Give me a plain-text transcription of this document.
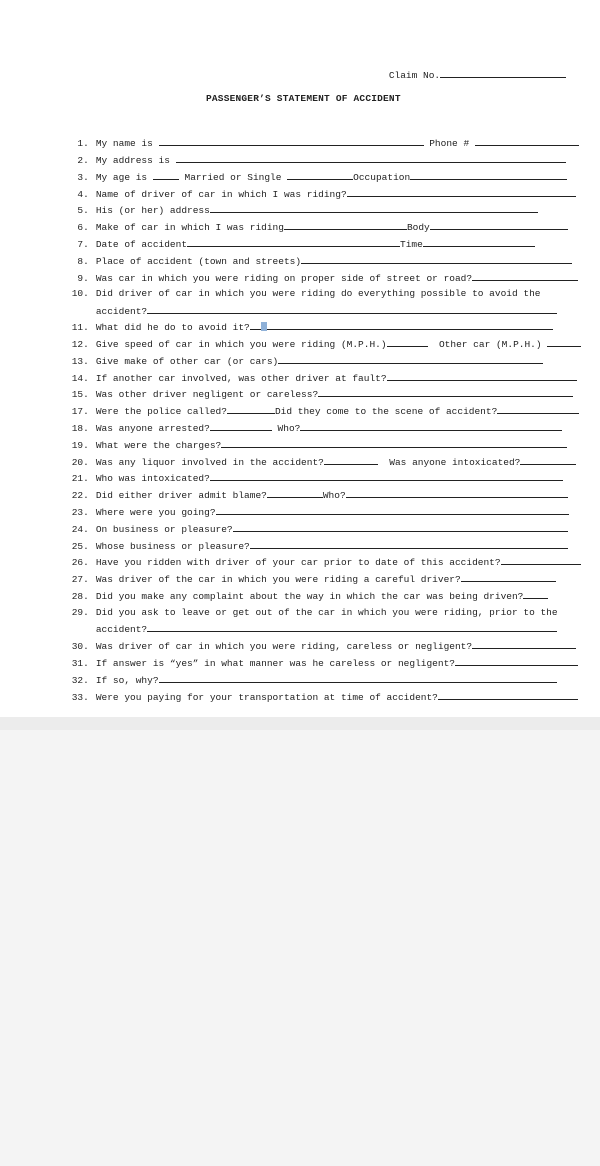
Claim No.

PASSENGER’S STATEMENT OF ACCIDENT

1. My name is	Phone #

2. My address is

3. My age is	Married or Single	Occupation

4. Name of driver of car in which I was riding?

5. His (or her) address

6. Make of car in which I was riding	Body

7. Date of accident	Time

8. Place of accident (town and streets)

9. Was car in which you were riding on proper side of street or road?

10. Did driver of car in which you were riding do everything possible to avoid the

accident?

11. What did he do to avoid it?

12. Give speed of car in which you were riding (M.P.H.)	Other car (M.P.H.)

13. Give make of other car (or cars)

14. If another car involved, was other driver at fault?

15. Was other driver negligent or careless?

17. Were the police called?	Did they come to the scene of accident?

18. Was anyone arrested?	Who?

19. What were the charges?

20. Was any liquor involved in the accident?	Was anyone intoxicated?

21. Who was intoxicated?

22. Did either driver admit blame?	Who?

23. Where were you going?

24. On business or pleasure?

25. Whose business or pleasure?

26. Have you ridden with driver of your car prior to date of this accident?

27. Was driver of the car in which you were riding a careful driver?

28. Did you make any complaint about the way in which the car was being driven?

29. Did you ask to leave or get out of the car in which you were riding, prior to the

accident?

30. Was driver of car in which you were riding, careless or negligent?

31. If answer is “yes” in what manner was he careless or negligent?

32. If so, why?

33. Were you paying for your transportation at time of accident?
